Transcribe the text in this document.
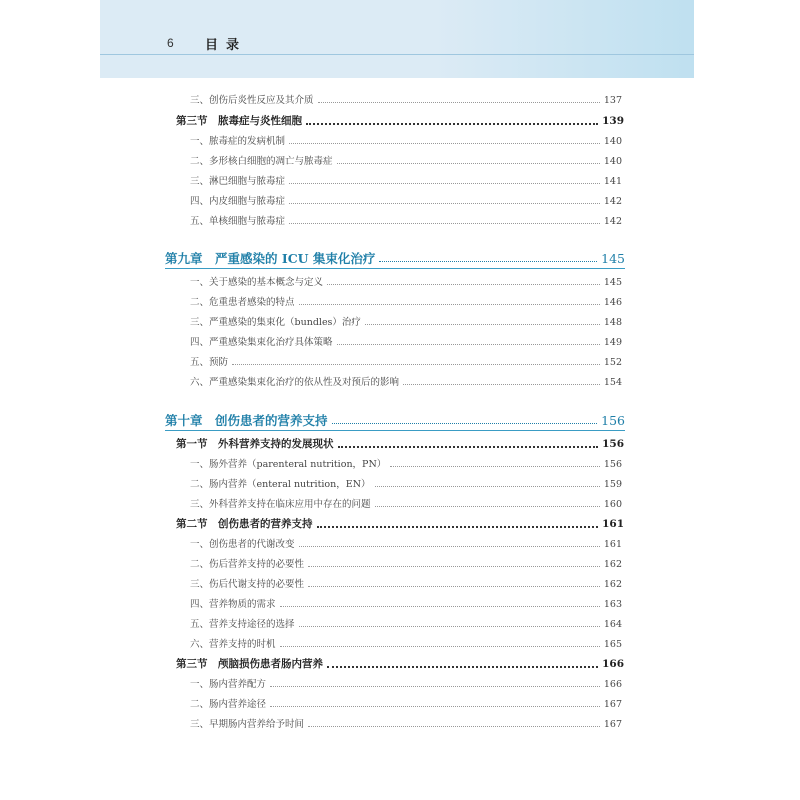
6 目录
三、创伤后炎性反应及其介质	137
第三节　脓毒症与炎性细胞	139
一、脓毒症的发病机制	140
二、多形核白细胞的凋亡与脓毒症	140
三、淋巴细胞与脓毒症	141
四、内皮细胞与脓毒症	142
五、单核细胞与脓毒症	142
第九章　严重感染的 ICU 集束化治疗	145
一、关于感染的基本概念与定义	145
二、危重患者感染的特点	146
三、严重感染的集束化（bundles）治疗	148
四、严重感染集束化治疗具体策略	149
五、预防	152
六、严重感染集束化治疗的依从性及对预后的影响	154
第十章　创伤患者的营养支持	156
第一节　外科营养支持的发展现状	156
一、肠外营养（parenteral nutrition，PN）	156
二、肠内营养（enteral nutrition，EN）	159
三、外科营养支持在临床应用中存在的问题	160
第二节　创伤患者的营养支持	161
一、创伤患者的代谢改变	161
二、伤后营养支持的必要性	162
三、伤后代谢支持的必要性	162
四、营养物质的需求	163
五、营养支持途径的选择	164
六、营养支持的时机	165
第三节　颅脑损伤患者肠内营养	166
一、肠内营养配方	166
二、肠内营养途径	167
三、早期肠内营养给予时间	167
